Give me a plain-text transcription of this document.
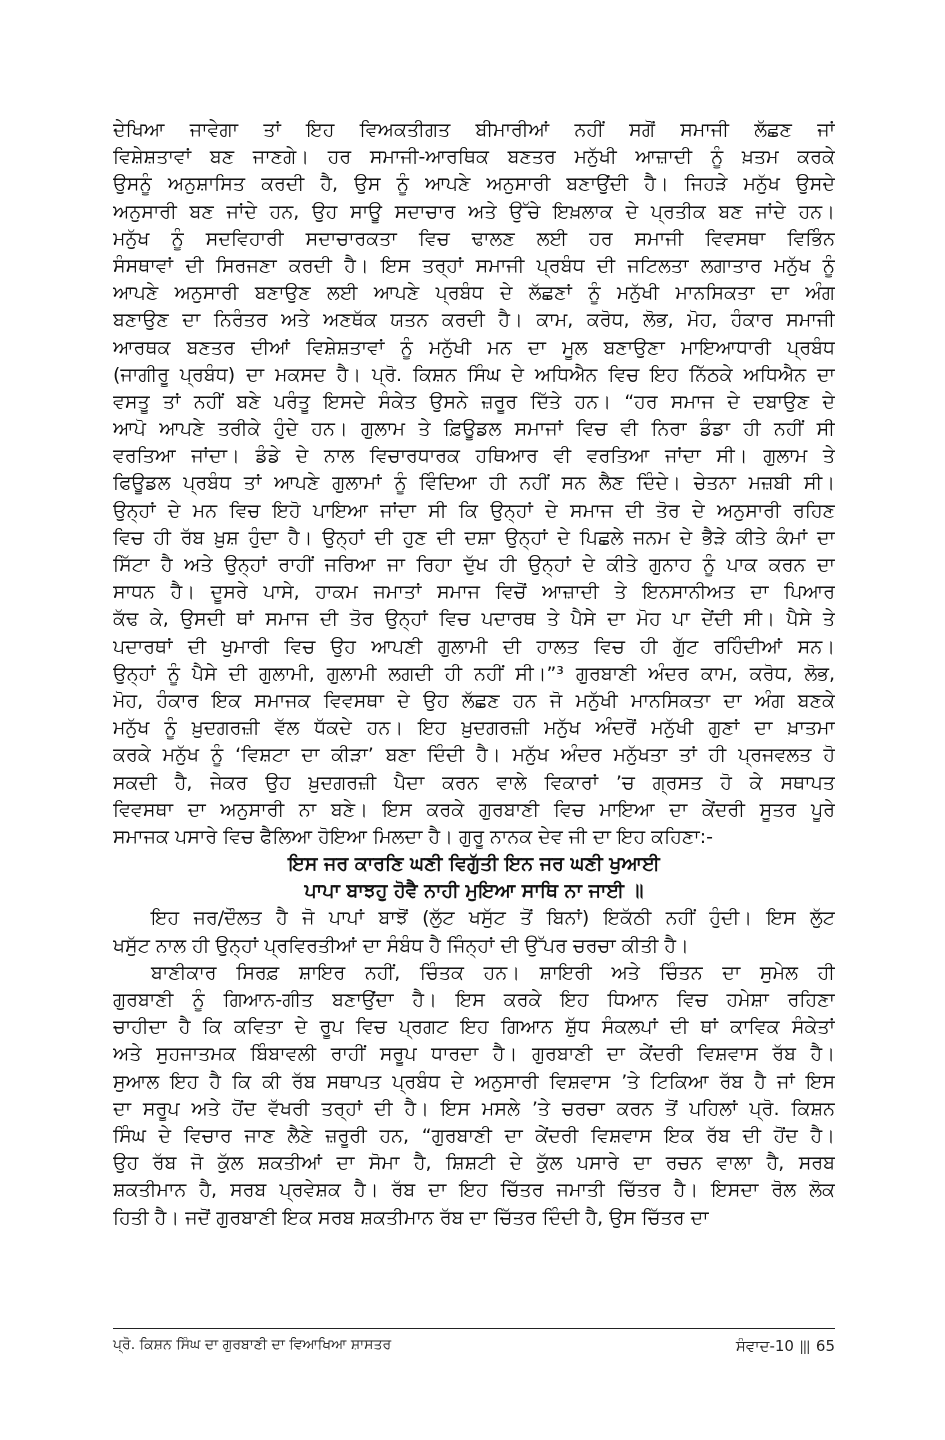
ਦੇਖਿਆ ਜਾਵੇਗਾ ਤਾਂ ਇਹ ਵਿਅਕਤੀਗਤ ਬੀਮਾਰੀਆਂ ਨਹੀਂ ਸਗੋਂ ਸਮਾਜੀ ਲੱਛਣ ਜਾਂ
ਵਿਸ਼ੇਸ਼ਤਾਵਾਂ ਬਣ ਜਾਣਗੇ। ਹਰ ਸਮਾਜੀ-ਆਰਥਿਕ ਬਣਤਰ ਮਨੁੱਖੀ ਆਜ਼ਾਦੀ ਨੂੰ ਖ਼ਤਮ ਕਰਕੇ
ਉਸਨੂੰ ਅਨੁਸ਼ਾਸਿਤ ਕਰਦੀ ਹੈ, ਉਸ ਨੂੰ ਆਪਣੇ ਅਨੁਸਾਰੀ ਬਣਾਉਂਦੀ ਹੈ। ਜਿਹੜੇ ਮਨੁੱਖ ਉਸਦੇ
ਅਨੁਸਾਰੀ ਬਣ ਜਾਂਦੇ ਹਨ, ਉਹ ਸਾਊ ਸਦਾਚਾਰ ਅਤੇ ਉੱਚੇ ਇਖ਼ਲਾਕ ਦੇ ਪ੍ਰਤੀਕ ਬਣ ਜਾਂਦੇ ਹਨ।
ਮਨੁੱਖ ਨੂੰ ਸਦਵਿਹਾਰੀ ਸਦਾਚਾਰਕਤਾ ਵਿਚ ਢਾਲਣ ਲਈ ਹਰ ਸਮਾਜੀ ਵਿਵਸਥਾ ਵਿਭਿੰਨ
ਸੰਸਥਾਵਾਂ ਦੀ ਸਿਰਜਣਾ ਕਰਦੀ ਹੈ। ਇਸ ਤਰ੍ਹਾਂ ਸਮਾਜੀ ਪ੍ਰਬੰਧ ਦੀ ਜਟਿਲਤਾ ਲਗਾਤਾਰ ਮਨੁੱਖ ਨੂੰ
ਆਪਣੇ ਅਨੁਸਾਰੀ ਬਣਾਉਣ ਲਈ ਆਪਣੇ ਪ੍ਰਬੰਧ ਦੇ ਲੱਛਣਾਂ ਨੂੰ ਮਨੁੱਖੀ ਮਾਨਸਿਕਤਾ ਦਾ ਅੰਗ
ਬਣਾਉਣ ਦਾ ਨਿਰੰਤਰ ਅਤੇ ਅਣਥੱਕ ਯਤਨ ਕਰਦੀ ਹੈ। ਕਾਮ, ਕਰੋਧ, ਲੋਭ, ਮੋਹ, ਹੰਕਾਰ ਸਮਾਜੀ
ਆਰਥਕ ਬਣਤਰ ਦੀਆਂ ਵਿਸ਼ੇਸ਼ਤਾਵਾਂ ਨੂੰ ਮਨੁੱਖੀ ਮਨ ਦਾ ਮੂਲ ਬਣਾਉਣਾ ਮਾਇਆਧਾਰੀ ਪ੍ਰਬੰਧ
(ਜਾਗੀਰੂ ਪ੍ਰਬੰਧ) ਦਾ ਮਕਸਦ ਹੈ। ਪ੍ਰੋ. ਕਿਸ਼ਨ ਸਿੰਘ ਦੇ ਅਧਿਐਨ ਵਿਚ ਇਹ ਨਿੱਠਕੇ ਅਧਿਐਨ ਦਾ
ਵਸਤੂ ਤਾਂ ਨਹੀਂ ਬਣੇ ਪਰੰਤੂ ਇਸਦੇ ਸੰਕੇਤ ਉਸਨੇ ਜ਼ਰੂਰ ਦਿੱਤੇ ਹਨ। “ਹਰ ਸਮਾਜ ਦੇ ਦਬਾਉਣ ਦੇ
ਆਪੋ ਆਪਣੇ ਤਰੀਕੇ ਹੁੰਦੇ ਹਨ। ਗੁਲਾਮ ਤੇ ਫ਼ਿਊਡਲ ਸਮਾਜਾਂ ਵਿਚ ਵੀ ਨਿਰਾ ਡੰਡਾ ਹੀ ਨਹੀਂ ਸੀ
ਵਰਤਿਆ ਜਾਂਦਾ। ਡੰਡੇ ਦੇ ਨਾਲ ਵਿਚਾਰਧਾਰਕ ਹਥਿਆਰ ਵੀ ਵਰਤਿਆ ਜਾਂਦਾ ਸੀ। ਗੁਲਾਮ ਤੇ
ਫਿਊਡਲ ਪ੍ਰਬੰਧ ਤਾਂ ਆਪਣੇ ਗੁਲਾਮਾਂ ਨੂੰ ਵਿੰਦਿਆ ਹੀ ਨਹੀਂ ਸਨ ਲੈਣ ਦਿੰਦੇ। ਚੇਤਨਾ ਮਜ਼ਬੀ ਸੀ।
ਉਨ੍ਹਾਂ ਦੇ ਮਨ ਵਿਚ ਇਹੋ ਪਾਇਆ ਜਾਂਦਾ ਸੀ ਕਿ ਉਨ੍ਹਾਂ ਦੇ ਸਮਾਜ ਦੀ ਤੋਰ ਦੇ ਅਨੁਸਾਰੀ ਰਹਿਣ
ਵਿਚ ਹੀ ਰੱਬ ਖ਼ੁਸ਼ ਹੁੰਦਾ ਹੈ। ਉਨ੍ਹਾਂ ਦੀ ਹੁਣ ਦੀ ਦਸ਼ਾ ਉਨ੍ਹਾਂ ਦੇ ਪਿਛਲੇ ਜਨਮ ਦੇ ਭੈੜੇ ਕੀਤੇ ਕੰਮਾਂ ਦਾ
ਸਿੱਟਾ ਹੈ ਅਤੇ ਉਨ੍ਹਾਂ ਰਾਹੀਂ ਜਰਿਆ ਜਾ ਰਿਹਾ ਦੁੱਖ ਹੀ ਉਨ੍ਹਾਂ ਦੇ ਕੀਤੇ ਗੁਨਾਹ ਨੂੰ ਪਾਕ ਕਰਨ ਦਾ
ਸਾਧਨ ਹੈ। ਦੂਸਰੇ ਪਾਸੇ, ਹਾਕਮ ਜਮਾਤਾਂ ਸਮਾਜ ਵਿਚੋਂ ਆਜ਼ਾਦੀ ਤੇ ਇਨਸਾਨੀਅਤ ਦਾ ਪਿਆਰ
ਕੱਢ ਕੇ, ਉਸਦੀ ਥਾਂ ਸਮਾਜ ਦੀ ਤੋਰ ਉਨ੍ਹਾਂ ਵਿਚ ਪਦਾਰਥ ਤੇ ਪੈਸੇ ਦਾ ਮੋਹ ਪਾ ਦੇਂਦੀ ਸੀ। ਪੈਸੇ ਤੇ
ਪਦਾਰਥਾਂ ਦੀ ਖੁਮਾਰੀ ਵਿਚ ਉਹ ਆਪਣੀ ਗੁਲਾਮੀ ਦੀ ਹਾਲਤ ਵਿਚ ਹੀ ਗੁੱਟ ਰਹਿੰਦੀਆਂ ਸਨ।
ਉਨ੍ਹਾਂ ਨੂੰ ਪੈਸੇ ਦੀ ਗੁਲਾਮੀ, ਗੁਲਾਮੀ ਲਗਦੀ ਹੀ ਨਹੀਂ ਸੀ।”³ ਗੁਰਬਾਣੀ ਅੰਦਰ ਕਾਮ, ਕਰੋਧ, ਲੋਭ,
ਮੋਹ, ਹੰਕਾਰ ਇਕ ਸਮਾਜਕ ਵਿਵਸਥਾ ਦੇ ਉਹ ਲੱਛਣ ਹਨ ਜੋ ਮਨੁੱਖੀ ਮਾਨਸਿਕਤਾ ਦਾ ਅੰਗ ਬਣਕੇ
ਮਨੁੱਖ ਨੂੰ ਖ਼ੁਦਗਰਜ਼ੀ ਵੱਲ ਧੱਕਦੇ ਹਨ। ਇਹ ਖ਼ੁਦਗਰਜ਼ੀ ਮਨੁੱਖ ਅੰਦਰੋਂ ਮਨੁੱਖੀ ਗੁਣਾਂ ਦਾ ਖ਼ਾਤਮਾ
ਕਰਕੇ ਮਨੁੱਖ ਨੂੰ ‘ਵਿਸ਼ਟਾ ਦਾ ਕੀੜਾ’ ਬਣਾ ਦਿੰਦੀ ਹੈ। ਮਨੁੱਖ ਅੰਦਰ ਮਨੁੱਖਤਾ ਤਾਂ ਹੀ ਪ੍ਰਜਵਲਤ ਹੋ
ਸਕਦੀ ਹੈ, ਜੇਕਰ ਉਹ ਖ਼ੁਦਗਰਜ਼ੀ ਪੈਦਾ ਕਰਨ ਵਾਲੇ ਵਿਕਾਰਾਂ ’ਚ ਗ੍ਰਸਤ ਹੋ ਕੇ ਸਥਾਪਤ
ਵਿਵਸਥਾ ਦਾ ਅਨੁਸਾਰੀ ਨਾ ਬਣੇ। ਇਸ ਕਰਕੇ ਗੁਰਬਾਣੀ ਵਿਚ ਮਾਇਆ ਦਾ ਕੇਂਦਰੀ ਸੂਤਰ ਪੂਰੇ
ਸਮਾਜਕ ਪਸਾਰੇ ਵਿਚ ਫੈਲਿਆ ਹੋਇਆ ਮਿਲਦਾ ਹੈ। ਗੁਰੂ ਨਾਨਕ ਦੇਵ ਜੀ ਦਾ ਇਹ ਕਹਿਣਾ:-
ਇਸ ਜਰ ਕਾਰਣਿ ਘਣੀ ਵਿਗੁੱਤੀ ਇਨ ਜਰ ਘਣੀ ਖੁਆਈ
ਪਾਪਾ ਬਾਝਹੁ ਹੋਵੈ ਨਾਹੀ ਮੁਇਆ ਸਾਥਿ ਨਾ ਜਾਈ ॥
ਇਹ ਜਰ/ਦੌਲਤ ਹੈ ਜੋ ਪਾਪਾਂ ਬਾਝੋਂ (ਲੁੱਟ ਖਸੁੱਟ ਤੋਂ ਬਿਨਾਂ) ਇਕੱਠੀ ਨਹੀਂ ਹੁੰਦੀ। ਇਸ ਲੁੱਟ
ਖਸੁੱਟ ਨਾਲ ਹੀ ਉਨ੍ਹਾਂ ਪ੍ਰਵਿਰਤੀਆਂ ਦਾ ਸੰਬੰਧ ਹੈ ਜਿੰਨ੍ਹਾਂ ਦੀ ਉੱਪਰ ਚਰਚਾ ਕੀਤੀ ਹੈ।
ਬਾਣੀਕਾਰ ਸਿਰਫ਼ ਸ਼ਾਇਰ ਨਹੀਂ, ਚਿੰਤਕ ਹਨ। ਸ਼ਾਇਰੀ ਅਤੇ ਚਿੰਤਨ ਦਾ ਸੁਮੇਲ ਹੀ
ਗੁਰਬਾਣੀ ਨੂੰ ਗਿਆਨ-ਗੀਤ ਬਣਾਉਂਦਾ ਹੈ। ਇਸ ਕਰਕੇ ਇਹ ਧਿਆਨ ਵਿਚ ਹਮੇਸ਼ਾ ਰਹਿਣਾ
ਚਾਹੀਦਾ ਹੈ ਕਿ ਕਵਿਤਾ ਦੇ ਰੂਪ ਵਿਚ ਪ੍ਰਗਟ ਇਹ ਗਿਆਨ ਸ਼ੁੱਧ ਸੰਕਲਪਾਂ ਦੀ ਥਾਂ ਕਾਵਿਕ ਸੰਕੇਤਾਂ
ਅਤੇ ਸੁਹਜਾਤਮਕ ਬਿੰਬਾਵਲੀ ਰਾਹੀਂ ਸਰੂਪ ਧਾਰਦਾ ਹੈ। ਗੁਰਬਾਣੀ ਦਾ ਕੇਂਦਰੀ ਵਿਸ਼ਵਾਸ ਰੱਬ ਹੈ।
ਸੁਆਲ ਇਹ ਹੈ ਕਿ ਕੀ ਰੱਬ ਸਥਾਪਤ ਪ੍ਰਬੰਧ ਦੇ ਅਨੁਸਾਰੀ ਵਿਸ਼ਵਾਸ ’ਤੇ ਟਿਕਿਆ ਰੱਬ ਹੈ ਜਾਂ ਇਸ
ਦਾ ਸਰੂਪ ਅਤੇ ਹੋਂਦ ਵੱਖਰੀ ਤਰ੍ਹਾਂ ਦੀ ਹੈ। ਇਸ ਮਸਲੇ ’ਤੇ ਚਰਚਾ ਕਰਨ ਤੋਂ ਪਹਿਲਾਂ ਪ੍ਰੋ. ਕਿਸ਼ਨ
ਸਿੰਘ ਦੇ ਵਿਚਾਰ ਜਾਣ ਲੈਣੇ ਜ਼ਰੂਰੀ ਹਨ, “ਗੁਰਬਾਣੀ ਦਾ ਕੇਂਦਰੀ ਵਿਸ਼ਵਾਸ ਇਕ ਰੱਬ ਦੀ ਹੋਂਦ ਹੈ।
ਉਹ ਰੱਬ ਜੋ ਕੁੱਲ ਸ਼ਕਤੀਆਂ ਦਾ ਸੋਮਾ ਹੈ, ਸ਼ਿਸ਼ਟੀ ਦੇ ਕੁੱਲ ਪਸਾਰੇ ਦਾ ਰਚਨ ਵਾਲਾ ਹੈ, ਸਰਬ
ਸ਼ਕਤੀਮਾਨ ਹੈ, ਸਰਬ ਪ੍ਰਵੇਸ਼ਕ ਹੈ। ਰੱਬ ਦਾ ਇਹ ਚਿੱਤਰ ਜਮਾਤੀ ਚਿੱਤਰ ਹੈ। ਇਸਦਾ ਰੋਲ ਲੋਕ
ਹਿਤੀ ਹੈ। ਜਦੋਂ ਗੁਰਬਾਣੀ ਇਕ ਸਰਬ ਸ਼ਕਤੀਮਾਨ ਰੱਬ ਦਾ ਚਿੱਤਰ ਦਿੰਦੀ ਹੈ, ਉਸ ਚਿੱਤਰ ਦਾ
ਪ੍ਰੋ. ਕਿਸ਼ਨ ਸਿੰਘ ਦਾ ਗੁਰਬਾਣੀ ਦਾ ਵਿਆਖਿਆ ਸ਼ਾਸਤਰ	ਸੰਵਾਦ-10 ||| 65
